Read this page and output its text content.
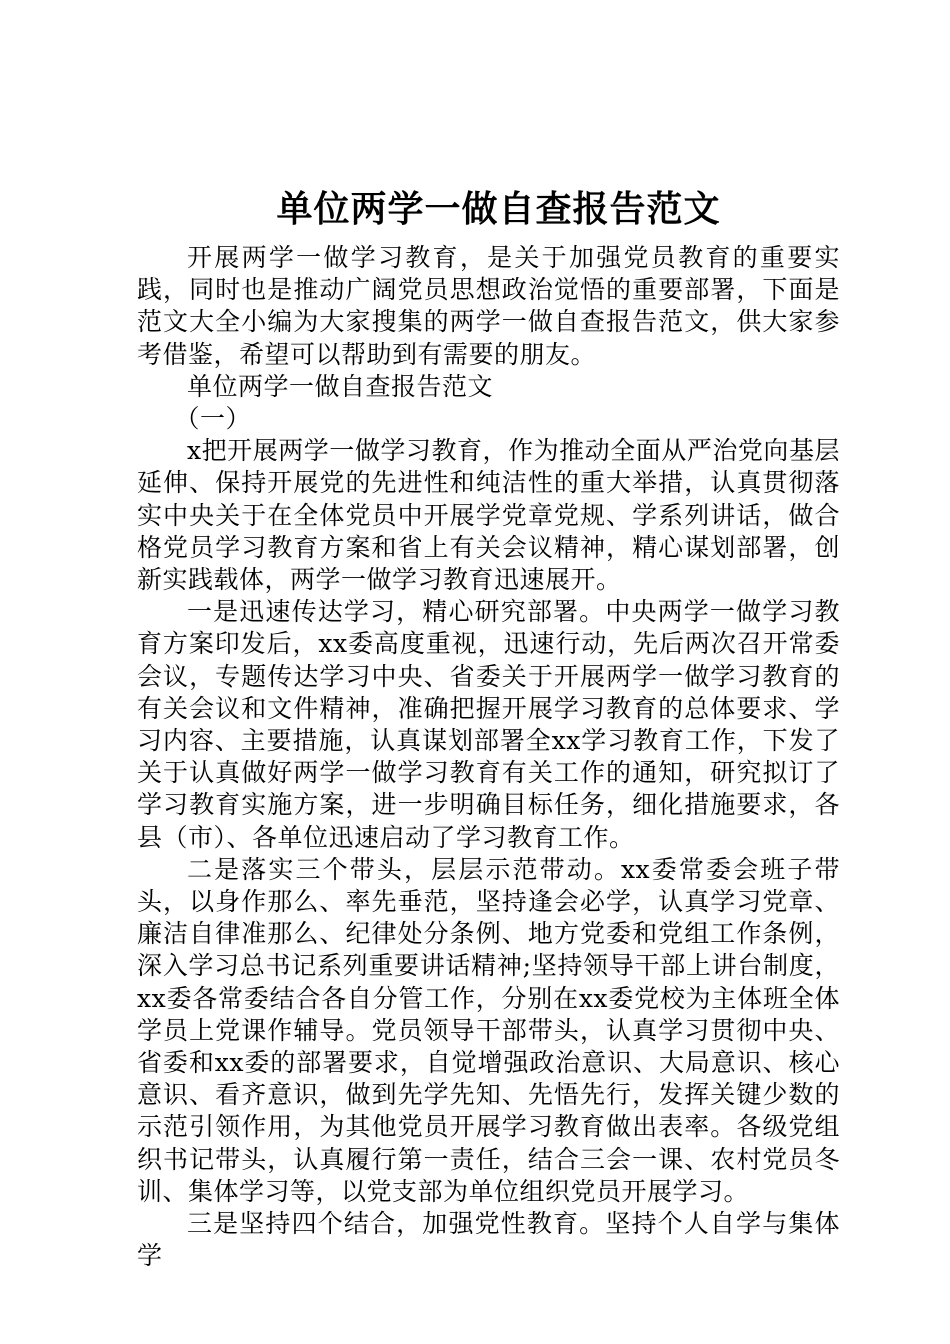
单位两学一做自查报告范文

开展两学一做学习教育，是关于加强党员教育的重要实践，同时也是推动广阔党员思想政治觉悟的重要部署，下面是范文大全小编为大家搜集的两学一做自查报告范文，供大家参考借鉴，希望可以帮助到有需要的朋友。

单位两学一做自查报告范文

（一）

x把开展两学一做学习教育，作为推动全面从严治党向基层延伸、保持开展党的先进性和纯洁性的重大举措，认真贯彻落实中央关于在全体党员中开展学党章党规、学系列讲话，做合格党员学习教育方案和省上有关会议精神，精心谋划部署，创新实践载体，两学一做学习教育迅速展开。

一是迅速传达学习，精心研究部署。中央两学一做学习教育方案印发后，xx委高度重视，迅速行动，先后两次召开常委会议，专题传达学习中央、省委关于开展两学一做学习教育的有关会议和文件精神，准确把握开展学习教育的总体要求、学习内容、主要措施，认真谋划部署全xx学习教育工作，下发了关于认真做好两学一做学习教育有关工作的通知，研究拟订了学习教育实施方案，进一步明确目标任务，细化措施要求，各县（市）、各单位迅速启动了学习教育工作。

二是落实三个带头，层层示范带动。xx委常委会班子带头，以身作那么、率先垂范，坚持逢会必学，认真学习党章、廉洁自律准那么、纪律处分条例、地方党委和党组工作条例，深入学习总书记系列重要讲话精神;坚持领导干部上讲台制度，xx委各常委结合各自分管工作，分别在xx委党校为主体班全体学员上党课作辅导。党员领导干部带头，认真学习贯彻中央、省委和xx委的部署要求，自觉增强政治意识、大局意识、核心意识、看齐意识，做到先学先知、先悟先行，发挥关键少数的示范引领作用，为其他党员开展学习教育做出表率。各级党组织书记带头，认真履行第一责任，结合三会一课、农村党员冬训、集体学习等，以党支部为单位组织党员开展学习。

三是坚持四个结合，加强党性教育。坚持个人自学与集体学
